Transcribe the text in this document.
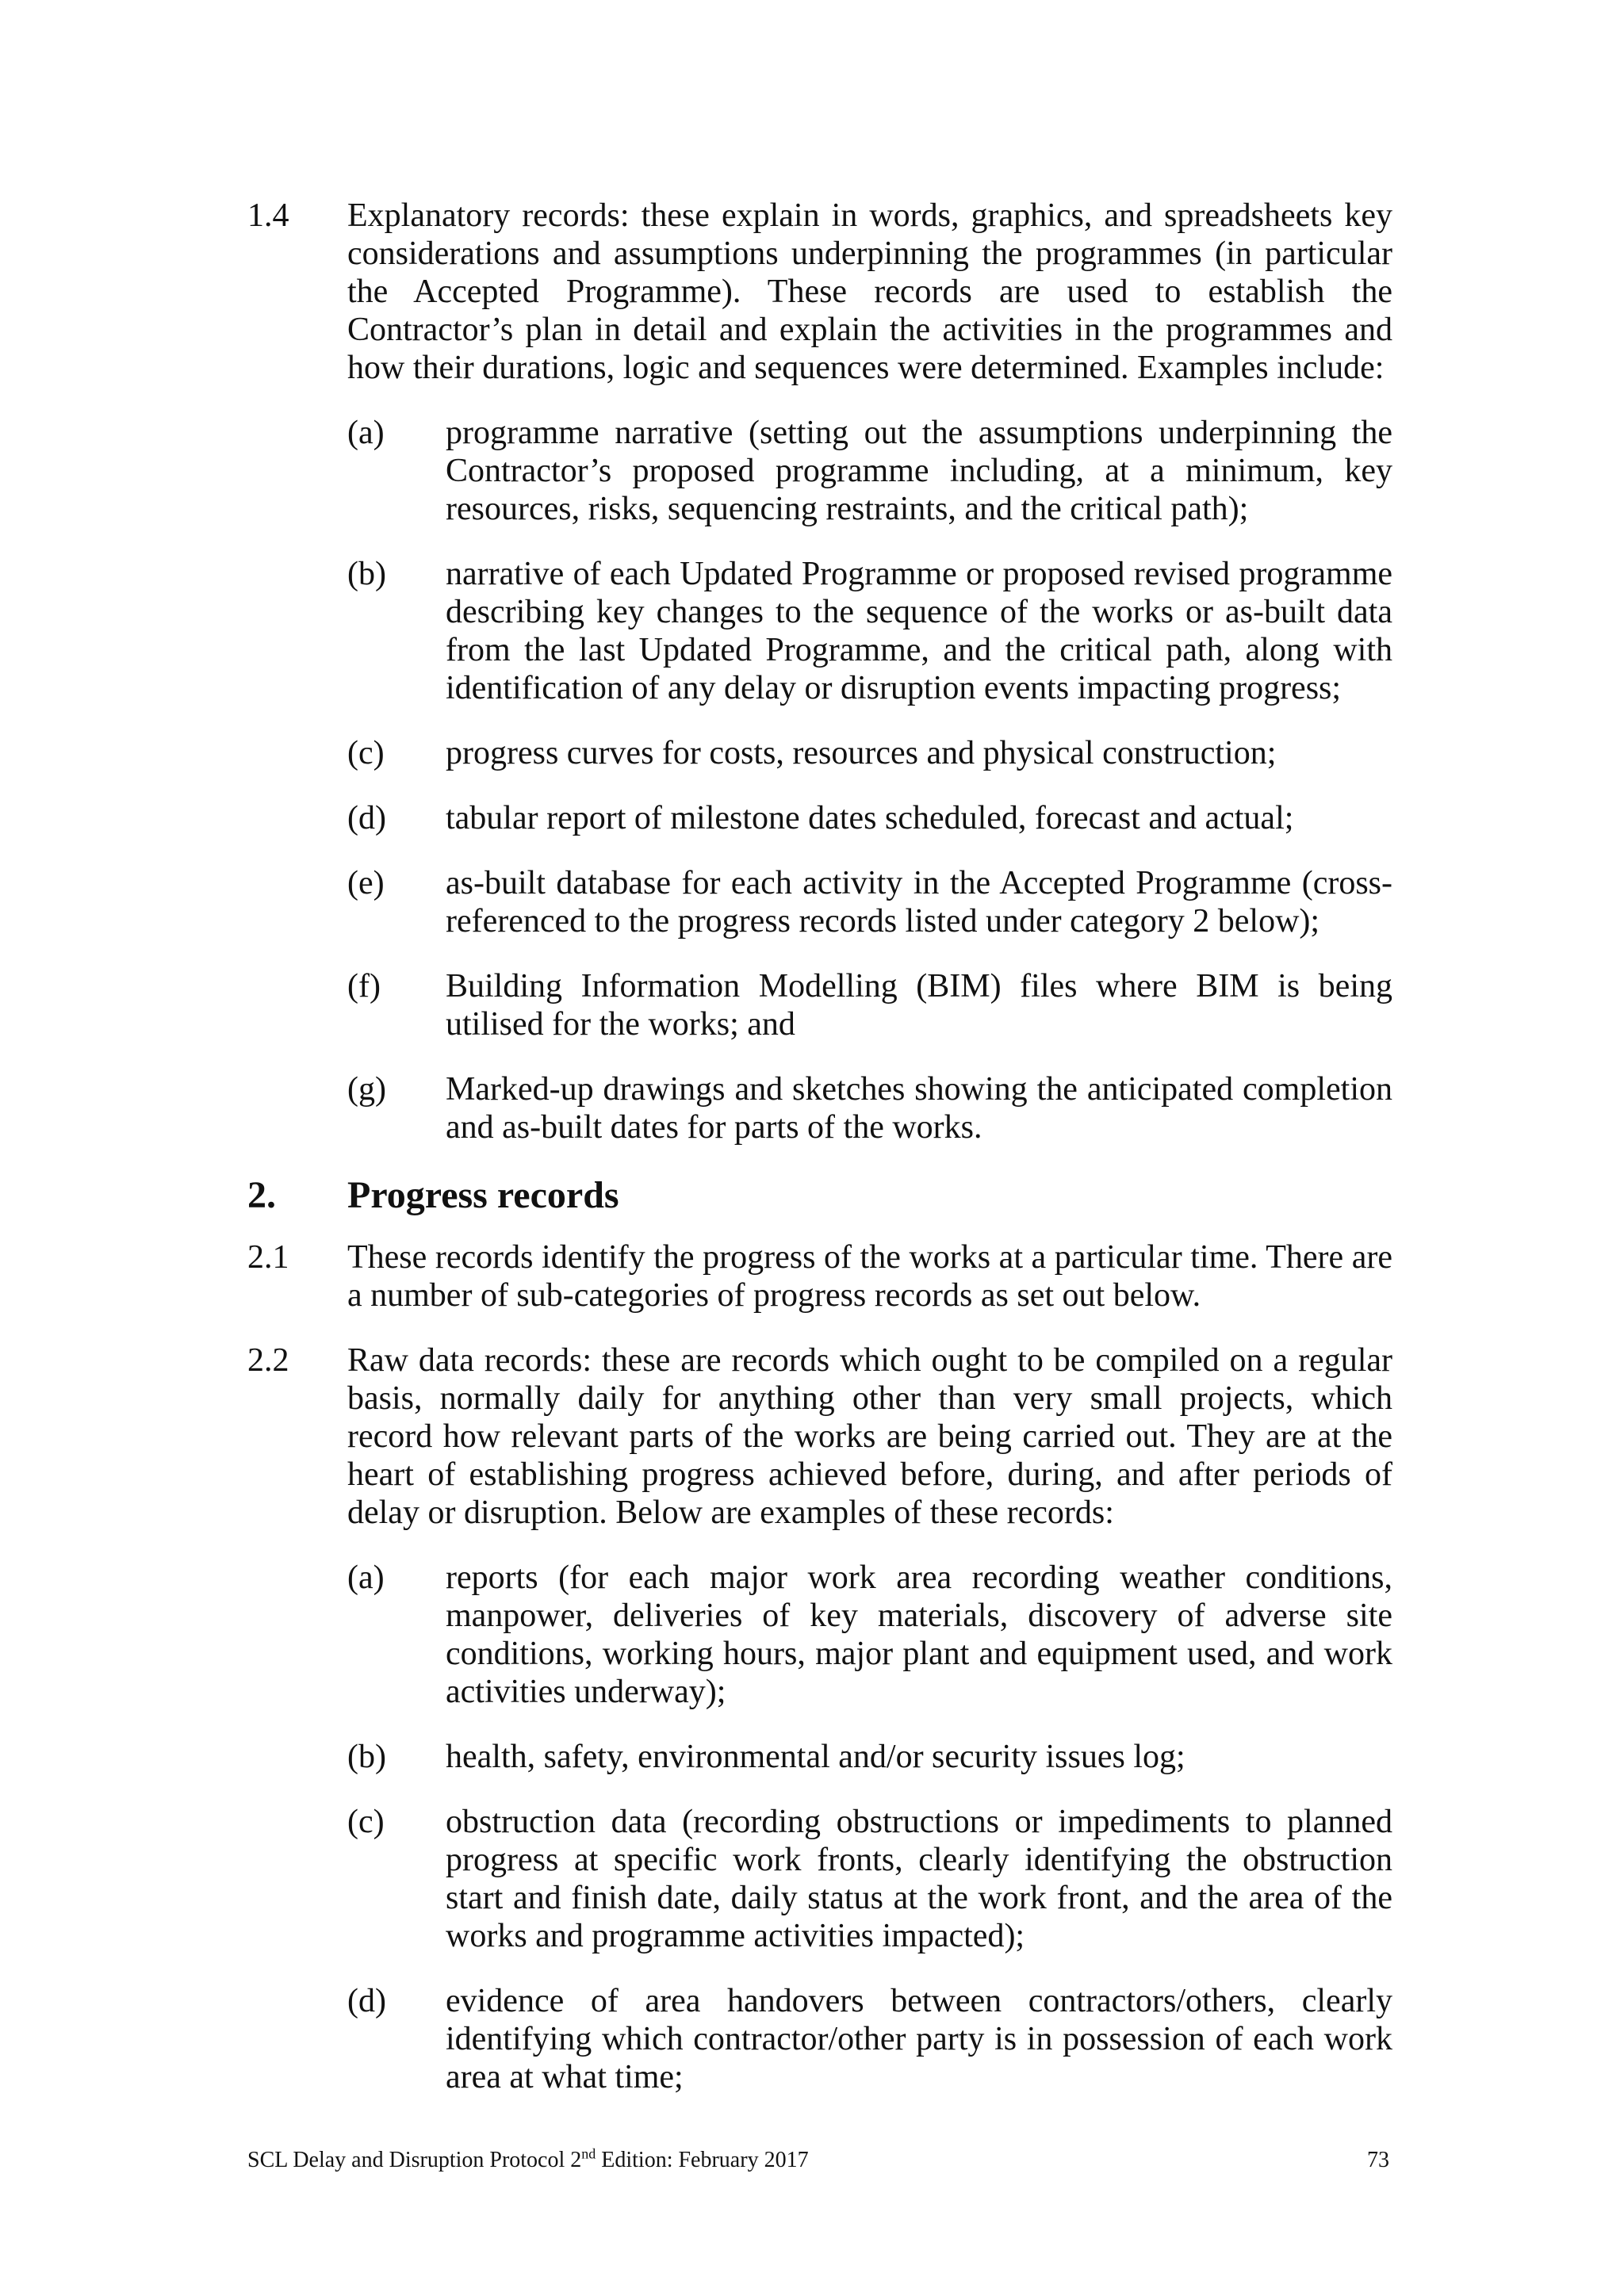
1.4	Explanatory records: these explain in words, graphics, and spreadsheets key considerations and assumptions underpinning the programmes (in particular the Accepted Programme). These records are used to establish the Contractor’s plan in detail and explain the activities in the programmes and how their durations, logic and sequences were determined. Examples include:
(a)	programme narrative (setting out the assumptions underpinning the Contractor’s proposed programme including, at a minimum, key resources, risks, sequencing restraints, and the critical path);
(b)	narrative of each Updated Programme or proposed revised programme describing key changes to the sequence of the works or as-built data from the last Updated Programme, and the critical path, along with identification of any delay or disruption events impacting progress;
(c)	progress curves for costs, resources and physical construction;
(d)	tabular report of milestone dates scheduled, forecast and actual;
(e)	as-built database for each activity in the Accepted Programme (cross-referenced to the progress records listed under category 2 below);
(f)	Building Information Modelling (BIM) files where BIM is being utilised for the works; and
(g)	Marked-up drawings and sketches showing the anticipated completion and as-built dates for parts of the works.
2.	Progress records
2.1	These records identify the progress of the works at a particular time. There are a number of sub-categories of progress records as set out below.
2.2	Raw data records: these are records which ought to be compiled on a regular basis, normally daily for anything other than very small projects, which record how relevant parts of the works are being carried out. They are at the heart of establishing progress achieved before, during, and after periods of delay or disruption. Below are examples of these records:
(a)	reports (for each major work area recording weather conditions, manpower, deliveries of key materials, discovery of adverse site conditions, working hours, major plant and equipment used, and work activities underway);
(b)	health, safety, environmental and/or security issues log;
(c)	obstruction data (recording obstructions or impediments to planned progress at specific work fronts, clearly identifying the obstruction start and finish date, daily status at the work front, and the area of the works and programme activities impacted);
(d)	evidence of area handovers between contractors/others, clearly identifying which contractor/other party is in possession of each work area at what time;
SCL Delay and Disruption Protocol 2nd Edition: February 2017	73
